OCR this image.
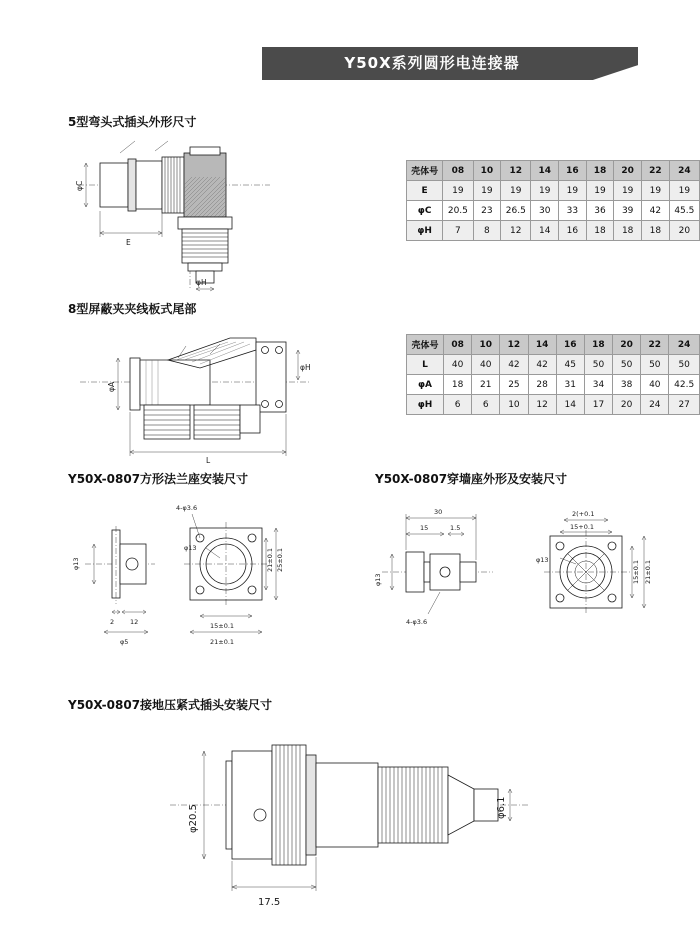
Y50X系列圆形电连接器
5型弯头式插头外形尺寸
8型屏蔽夹夹线板式尾部
Y50X-0807方形法兰座安装尺寸	Y50X-0807穿墙座外形及安装尺寸
Y50X-0807接地压紧式插头安装尺寸
壳体号	08	10	12	14	16	18	20	22	24
E	19	19	19	19	19	19	19	19	19
φC	20.5	23	26.5	30	33	36	39	42	45.5
φH	7	8	12	14	16	18	18	18	20
壳体号	08	10	12	14	16	18	20	22	24
L	40	40	42	42	45	50	50	50	50
φA	18	21	25	28	31	34	38	40	42.5
φH	6	6	10	12	14	17	20	24	27
φC
E
φH
φA
φH
L
φ13
2 12
φ5
4-φ3.6
φ13	25±0.1
21±0.1
15±0.1
21±0.1
30
15	1.5
φ13
4-φ3.6
2(+0.1
15+0.1
21±0.1
15±0.1
φ13
φ20.5	φ6.1
17.5
